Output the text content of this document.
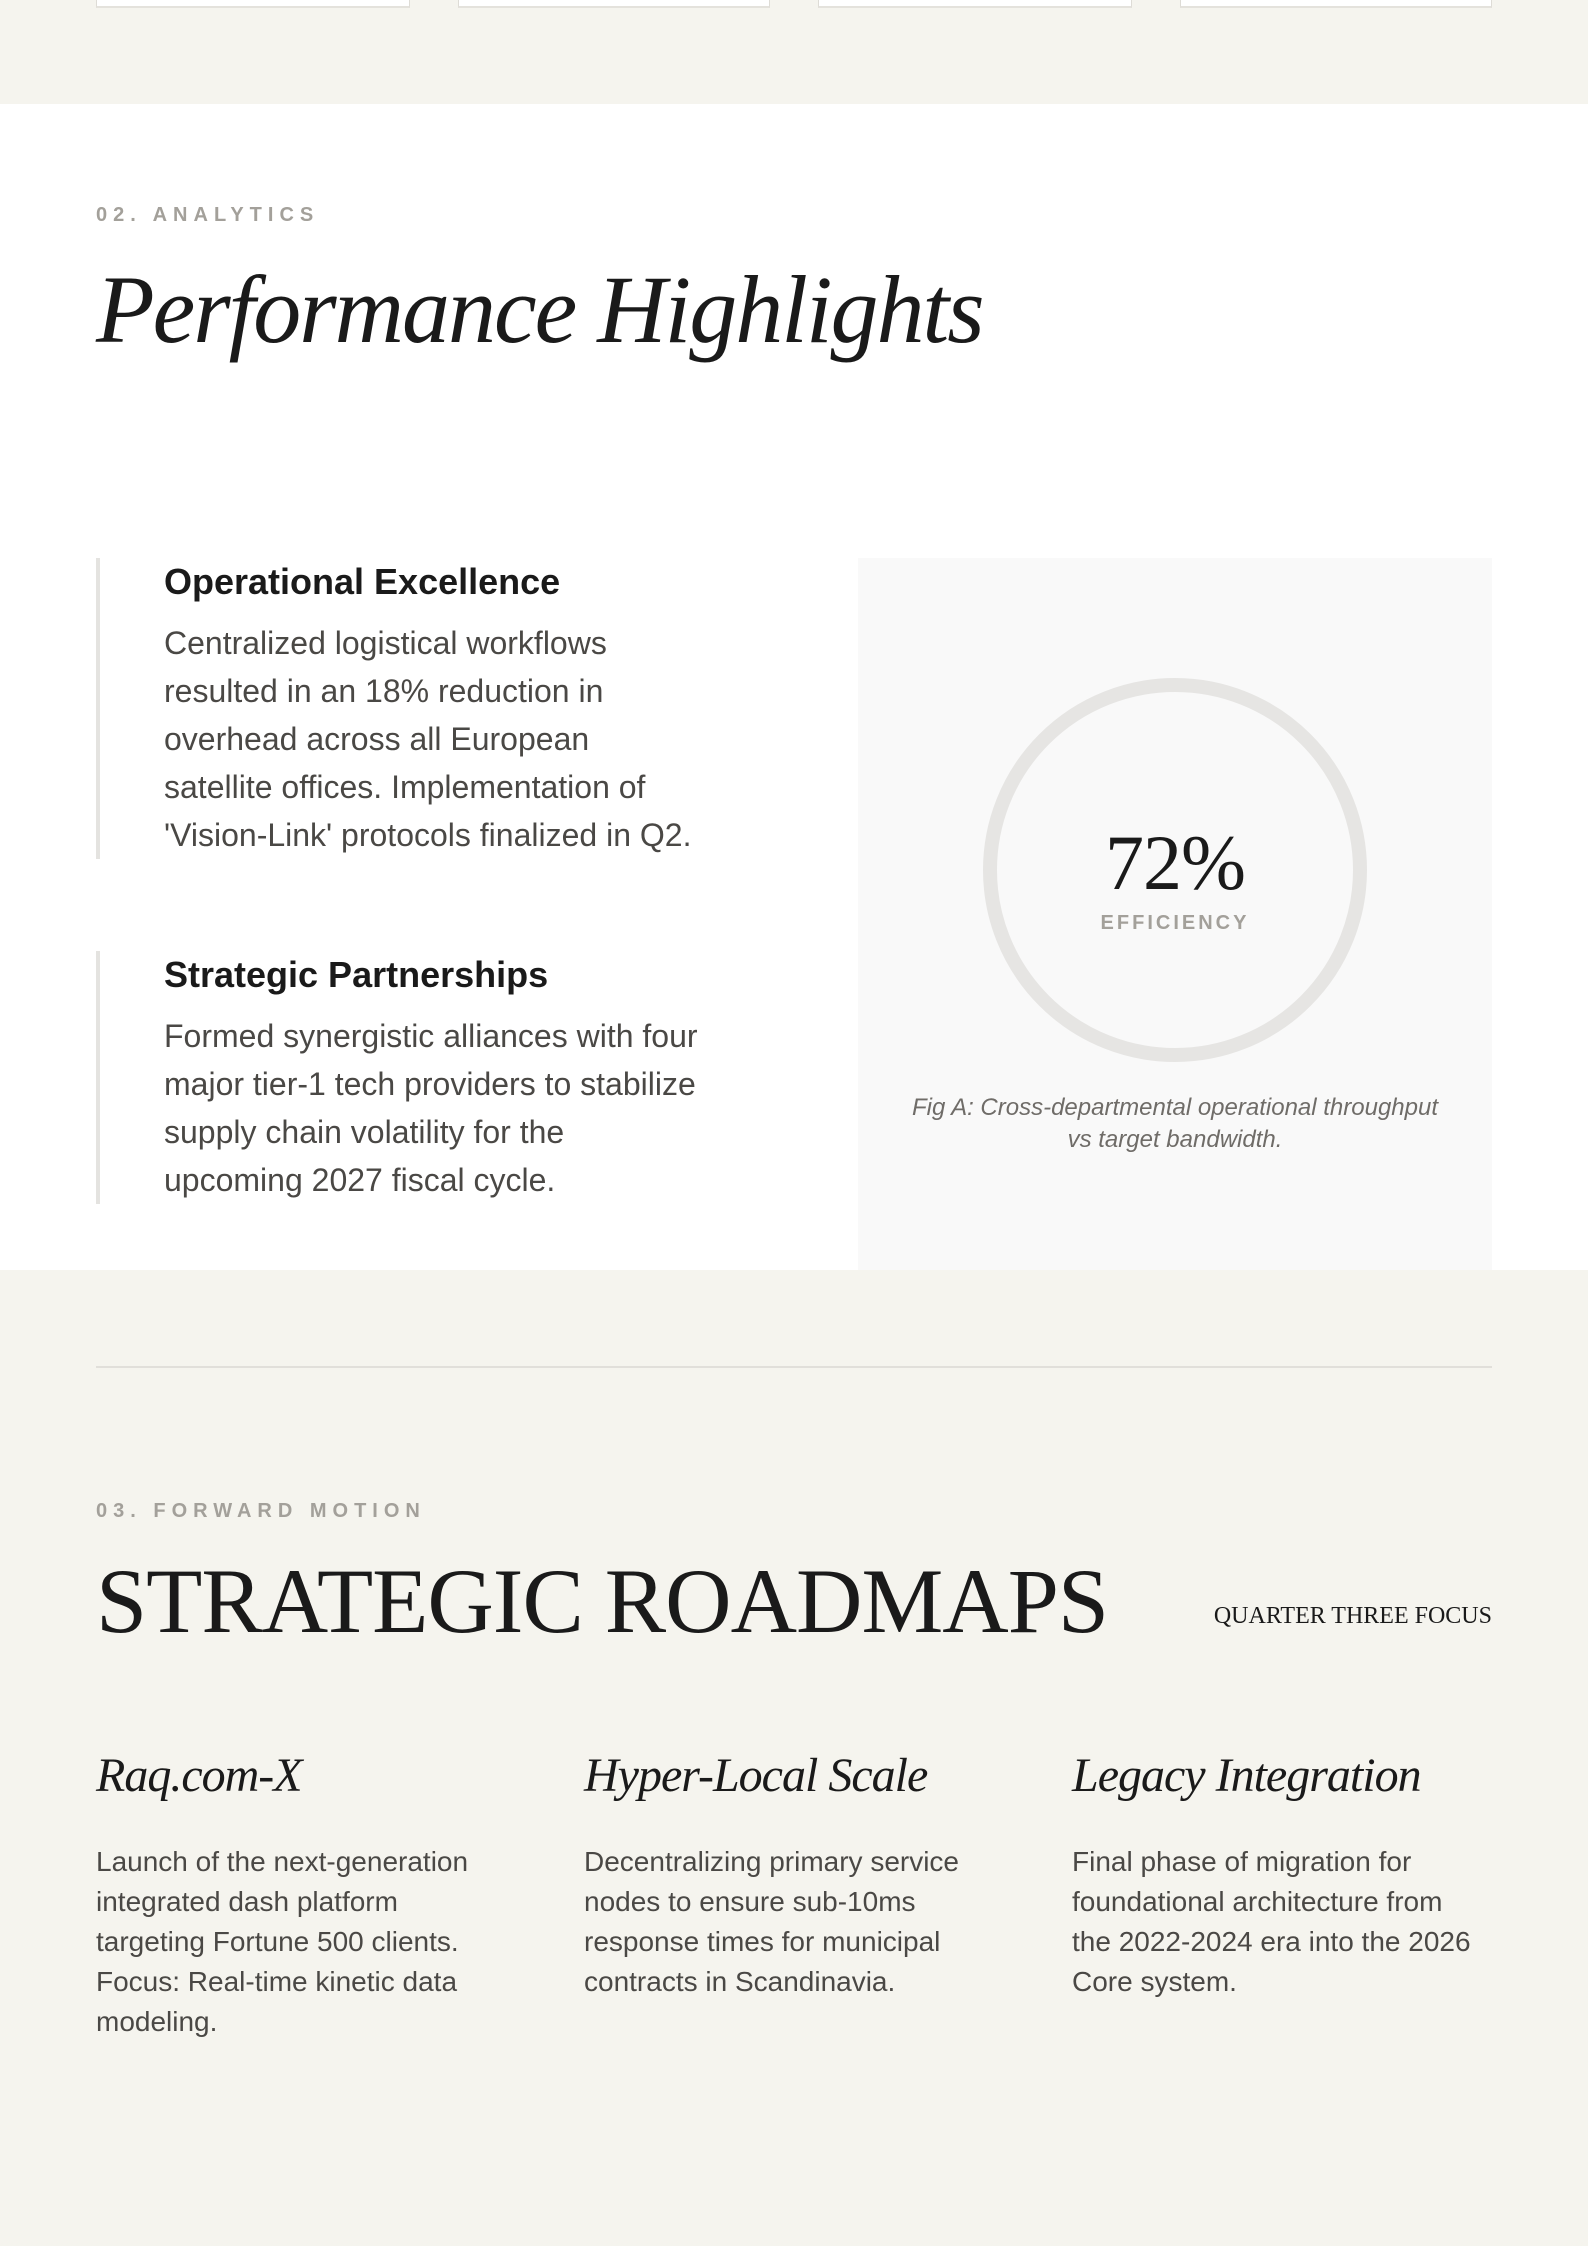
02. ANALYTICS
Performance Highlights
Operational Excellence

Centralized logistical workflows resulted in an 18% reduction in overhead across all European satellite offices. Implementation of 'Vision-Link' protocols finalized in Q2.

Strategic Partnerships

Formed synergistic alliances with four major tier-1 tech providers to stabilize supply chain volatility for the upcoming 2027 fiscal cycle.

72%
EFFICIENCY
Fig A: Cross-departmental operational throughput vs target bandwidth.
03. FORWARD MOTION
STRATEGIC ROADMAPS	QUARTER THREE FOCUS
Raq.com-X

Launch of the next-generation integrated dash platform targeting Fortune 500 clients. Focus: Real-time kinetic data modeling.

Hyper-Local Scale

Decentralizing primary service nodes to ensure sub-10ms response times for municipal contracts in Scandinavia.

Legacy Integration

Final phase of migration for foundational architecture from the 2022-2024 era into the 2026 Core system.
